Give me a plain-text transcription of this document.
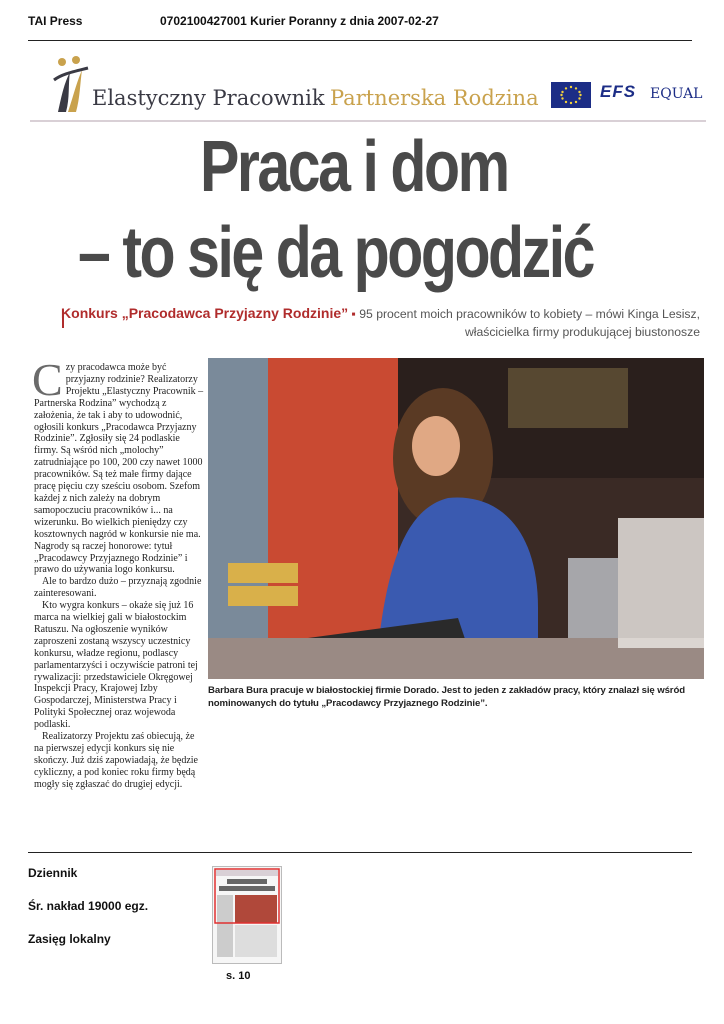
TAI Press	0702100427001 Kurier Poranny z dnia 2007-02-27
Elastyczny Pracownik Partnerska Rodzina	EFS EQUAL
Praca i dom
– to się da pogodzić
Konkurs „Pracodawca Przyjazny Rodzinie” ▪ 95 procent moich pracowników to kobiety – mówi Kinga Lesisz, właścicielka firmy produkującej biustonosze
C zy pracodawca może być przyjazny rodzinie? Realizatorzy Projektu „Elastyczny Pracownik – Partnerska Rodzina” wychodzą z założenia, że tak i aby to udowodnić, ogłosili konkurs „Pracodawca Przyjazny Rodzinie”. Zgłosiły się 24 podlaskie firmy. Są wśród nich „molochy” zatrudniające po 100, 200 czy nawet 1000 pracowników. Są też małe firmy dające pracę pięciu czy sześciu osobom. Szefom każdej z nich zależy na dobrym samopoczuciu pracowników i... na wizerunku. Bo wielkich pieniędzy czy kosztownych nagród w konkursie nie ma. Nagrody są raczej honorowe: tytuł „Pracodawcy Przyjaznego Rodzinie” i prawo do używania logo konkursu.

Ale to bardzo dużo – przyznają zgodnie zainteresowani.

Kto wygra konkurs – okaże się już 16 marca na wielkiej gali w białostockim Ratuszu. Na ogłoszenie wyników zaproszeni zostaną wszyscy uczestnicy konkursu, władze regionu, podlascy parlamentarzyści i oczywiście patroni tej rywalizacji: przedstawiciele Okręgowej Inspekcji Pracy, Krajowej Izby Gospodarczej, Ministerstwa Pracy i Polityki Społecznej oraz wojewoda podlaski.

Realizatorzy Projektu zaś obiecują, że na pierwszej edycji konkurs się nie skończy. Już dziś zapowiadają, że będzie cykliczny, a pod koniec roku firmy będą mogły się zgłaszać do drugiej edycji.

Barbara Bura pracuje w białostockiej firmie Dorado. Jest to jeden z zakładów pracy, który znalazł się wśród nominowanych do tytułu „Pracodawcy Przyjaznego Rodzinie”.
Dziennik
Śr. nakład 19000 egz.
Zasięg lokalny
s. 10
